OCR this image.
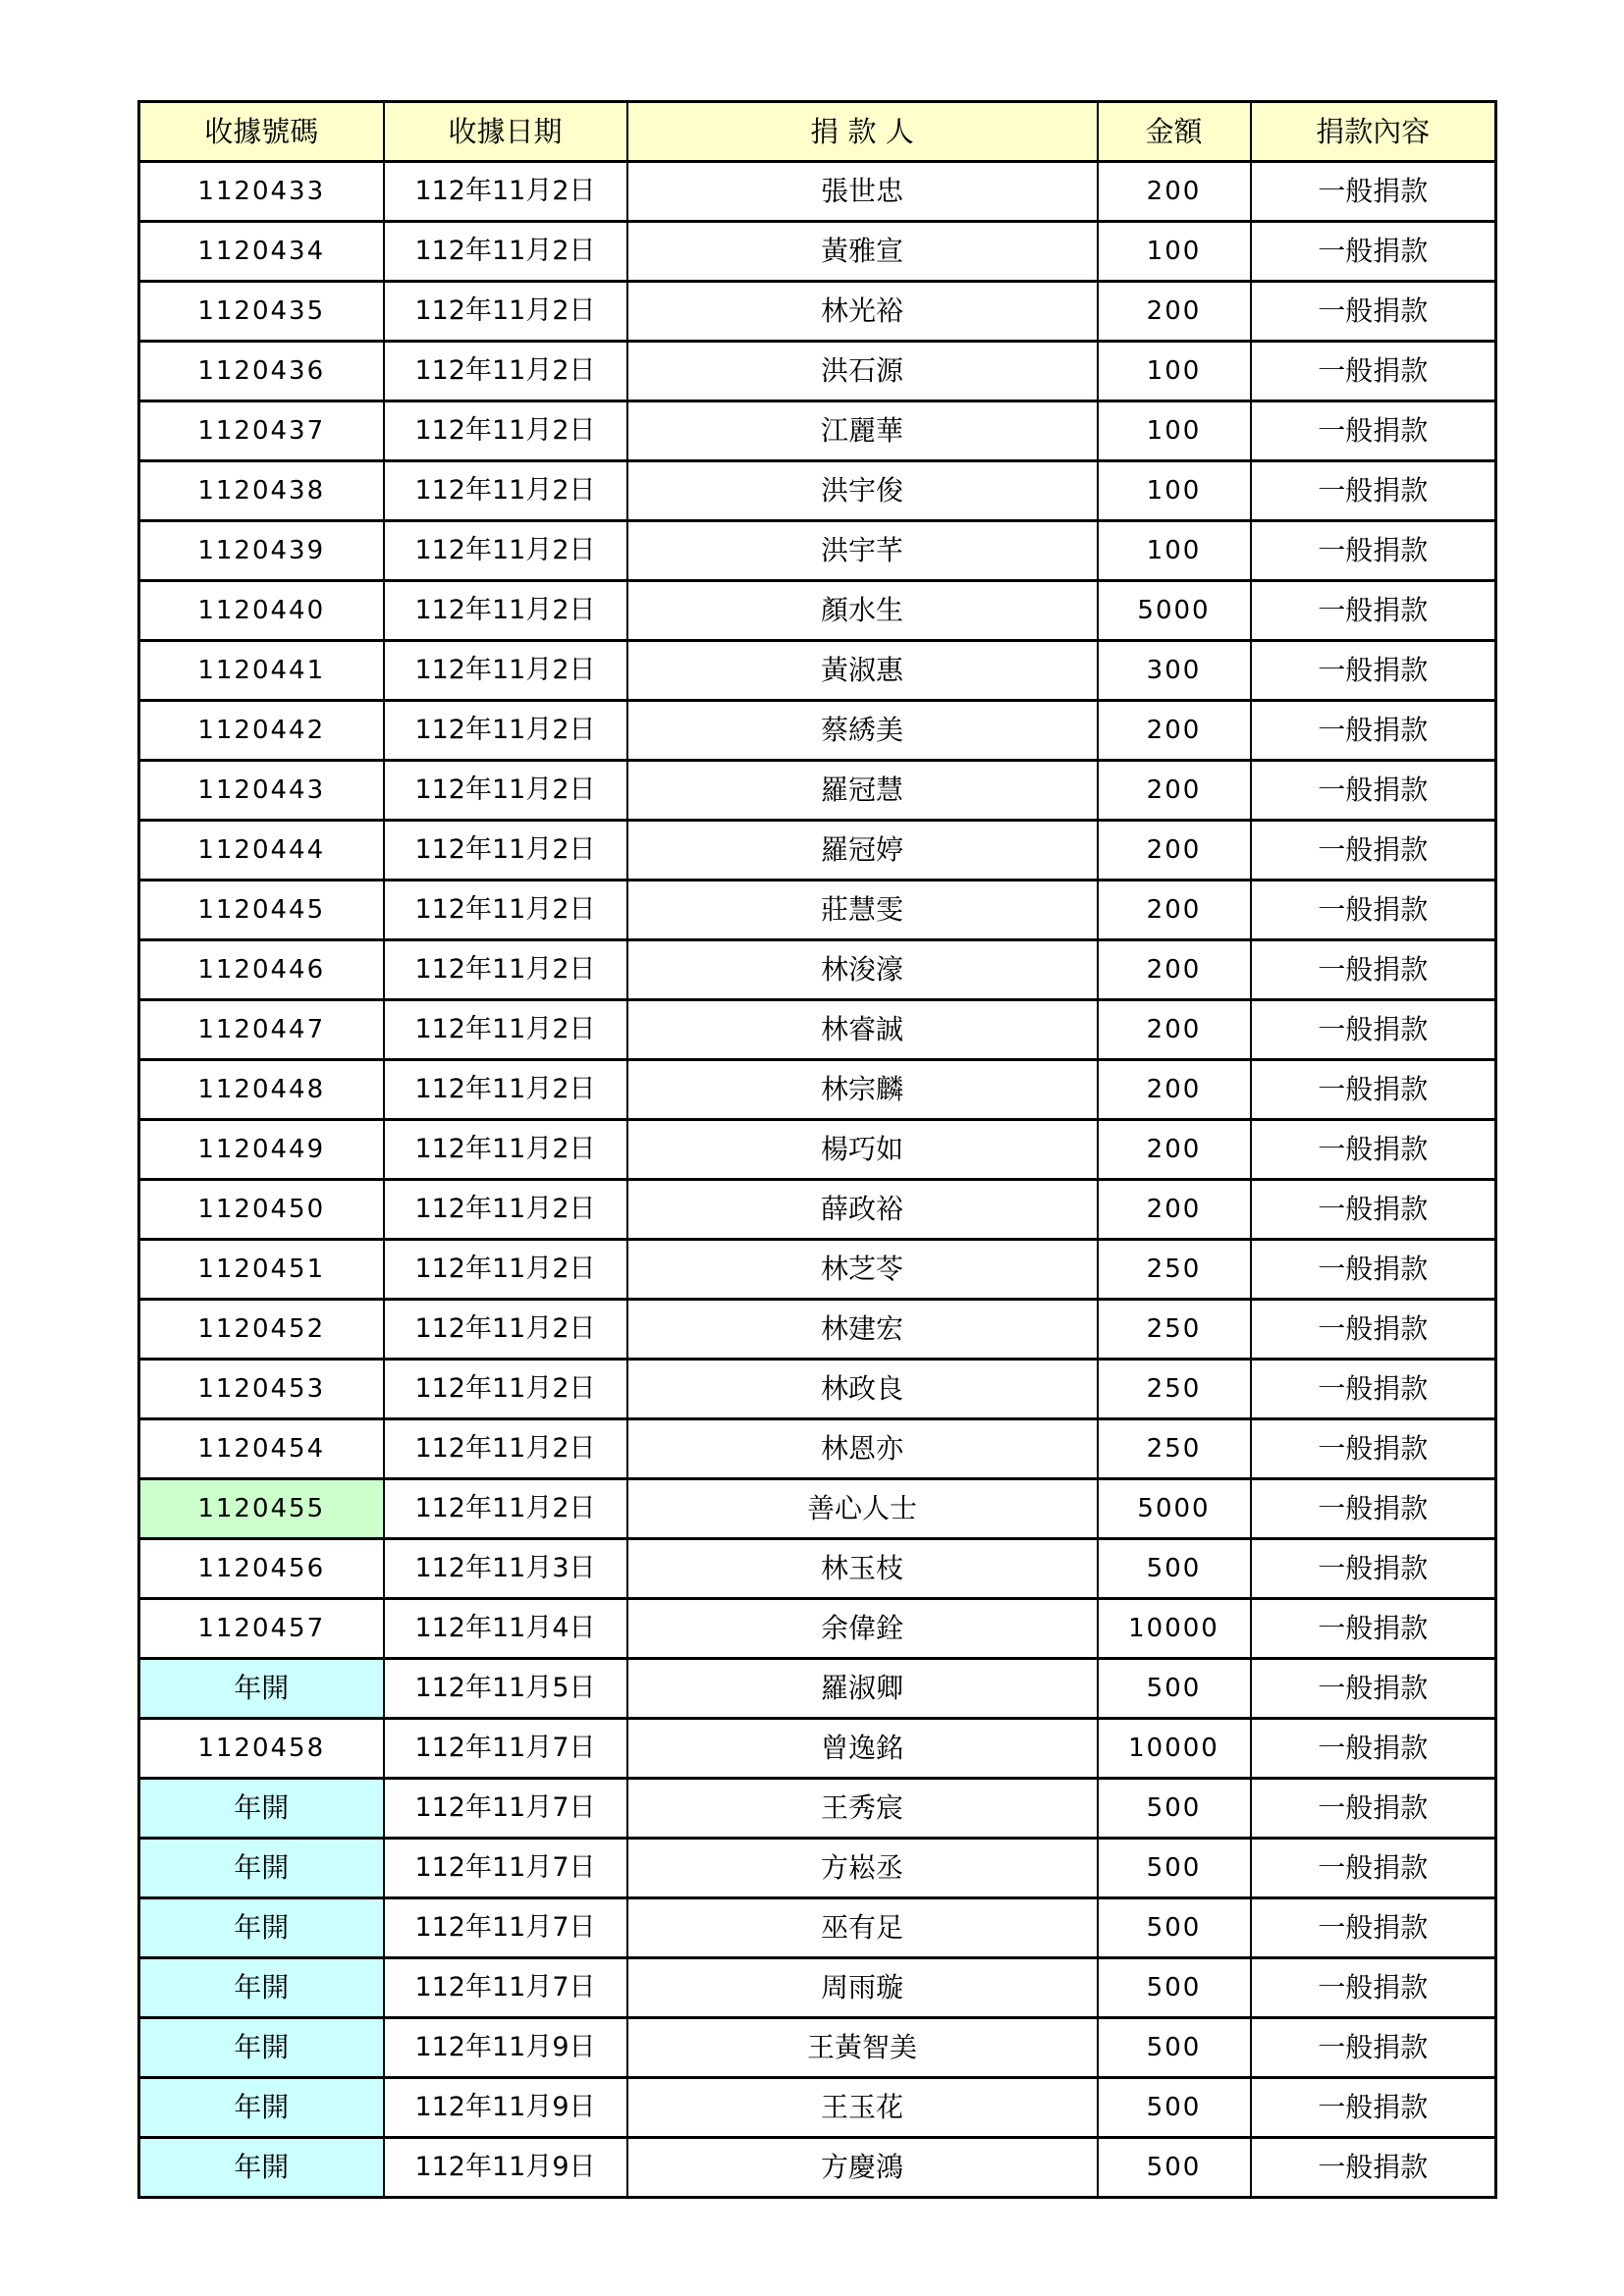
收據號碼	收據日期	捐 款 人	金額	捐款內容
1120433	112年11月2日	張世忠	200	一般捐款
1120434	112年11月2日	黃雅宣	100	一般捐款
1120435	112年11月2日	林光裕	200	一般捐款
1120436	112年11月2日	洪石源	100	一般捐款
1120437	112年11月2日	江麗華	100	一般捐款
1120438	112年11月2日	洪宇俊	100	一般捐款
1120439	112年11月2日	洪宇芊	100	一般捐款
1120440	112年11月2日	顏水生	5000	一般捐款
1120441	112年11月2日	黃淑惠	300	一般捐款
1120442	112年11月2日	蔡綉美	200	一般捐款
1120443	112年11月2日	羅冠慧	200	一般捐款
1120444	112年11月2日	羅冠婷	200	一般捐款
1120445	112年11月2日	莊慧雯	200	一般捐款
1120446	112年11月2日	林浚濠	200	一般捐款
1120447	112年11月2日	林睿誠	200	一般捐款
1120448	112年11月2日	林宗麟	200	一般捐款
1120449	112年11月2日	楊巧如	200	一般捐款
1120450	112年11月2日	薛政裕	200	一般捐款
1120451	112年11月2日	林芝苓	250	一般捐款
1120452	112年11月2日	林建宏	250	一般捐款
1120453	112年11月2日	林政良	250	一般捐款
1120454	112年11月2日	林恩亦	250	一般捐款
1120455	112年11月2日	善心人士	5000	一般捐款
1120456	112年11月3日	林玉枝	500	一般捐款
1120457	112年11月4日	余偉銓	10000	一般捐款
年開	112年11月5日	羅淑卿	500	一般捐款
1120458	112年11月7日	曾逸銘	10000	一般捐款
年開	112年11月7日	王秀宸	500	一般捐款
年開	112年11月7日	方崧丞	500	一般捐款
年開	112年11月7日	巫有足	500	一般捐款
年開	112年11月7日	周雨璇	500	一般捐款
年開	112年11月9日	王黃智美	500	一般捐款
年開	112年11月9日	王玉花	500	一般捐款
年開	112年11月9日	方慶鴻	500	一般捐款
